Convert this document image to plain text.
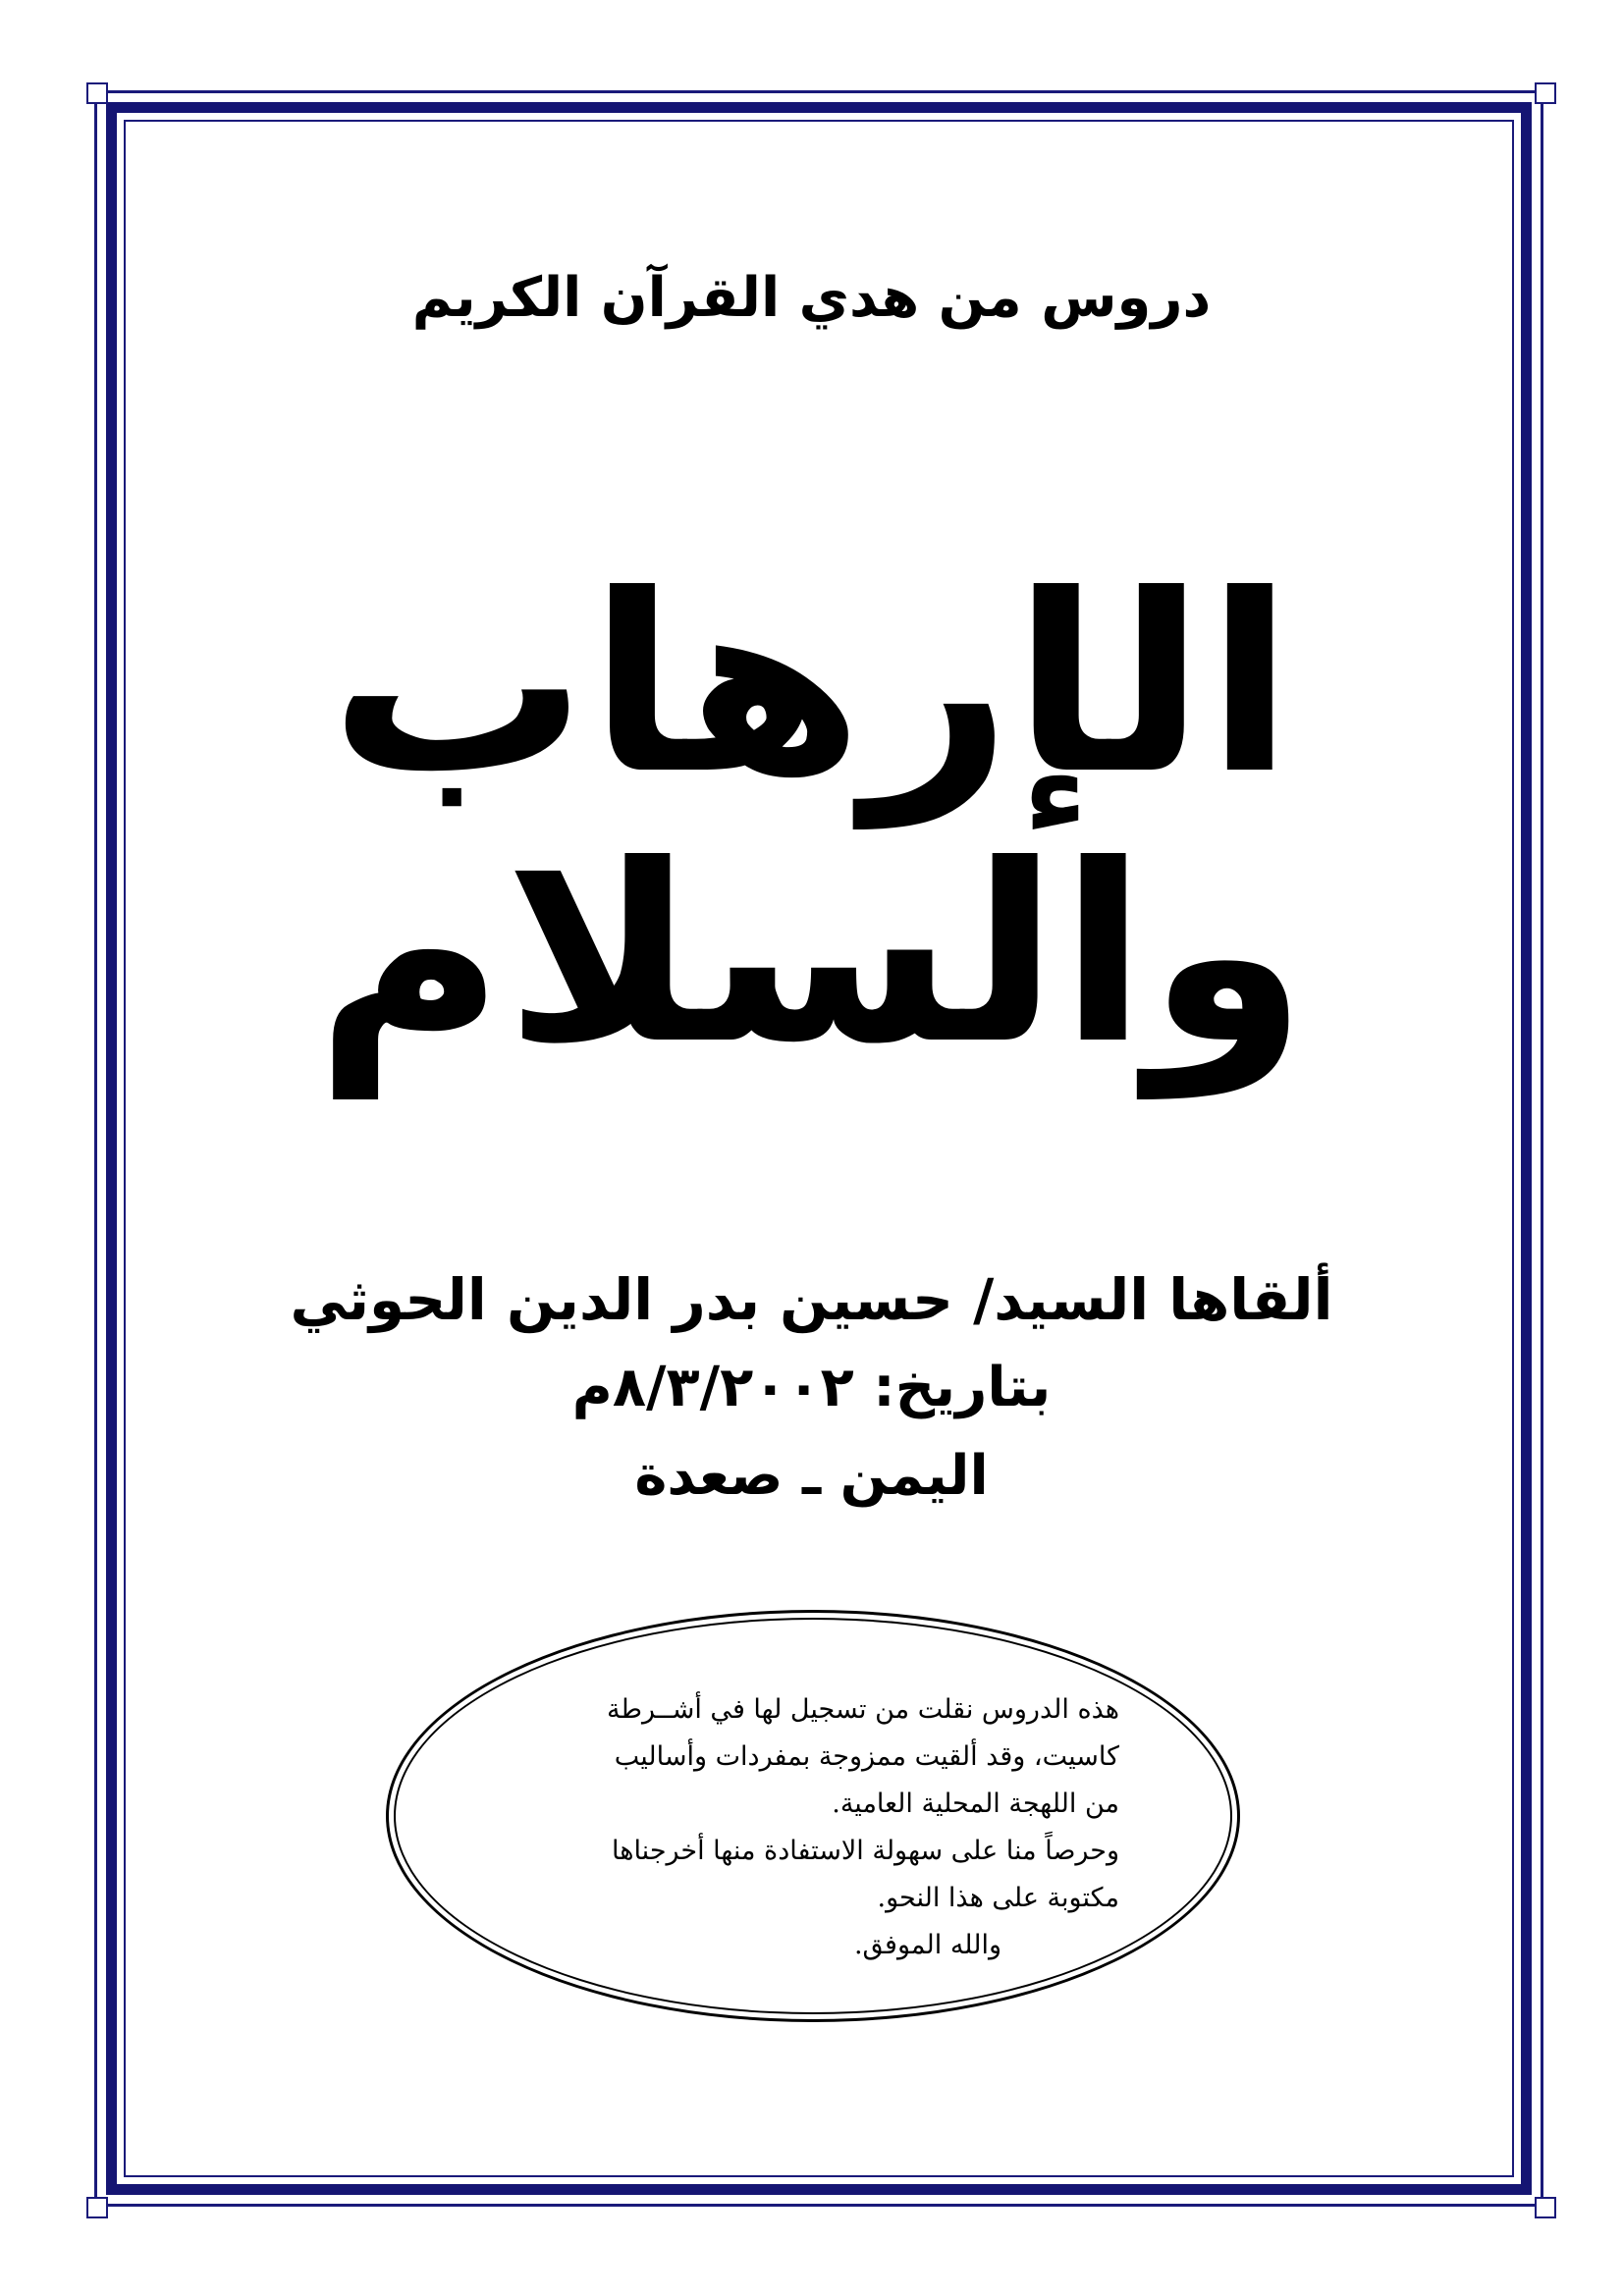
دروس من هدي القرآن الكريم
الإرهاب والسلام
ألقاها السيد/ حسين بدر الدين الحوثي
بتاريخ: ٨/٣/٢٠٠٢م
اليمن ـ صعدة
هذه الدروس نقلت من تسجيل لها في أشــرطة
كاسيت، وقد ألقيت ممزوجة بمفردات وأساليب
من اللهجة المحلية العامية.
وحرصاً منا على سهولة الاستفادة منها أخرجناها
مكتوبة على هذا النحو.
والله الموفق.
